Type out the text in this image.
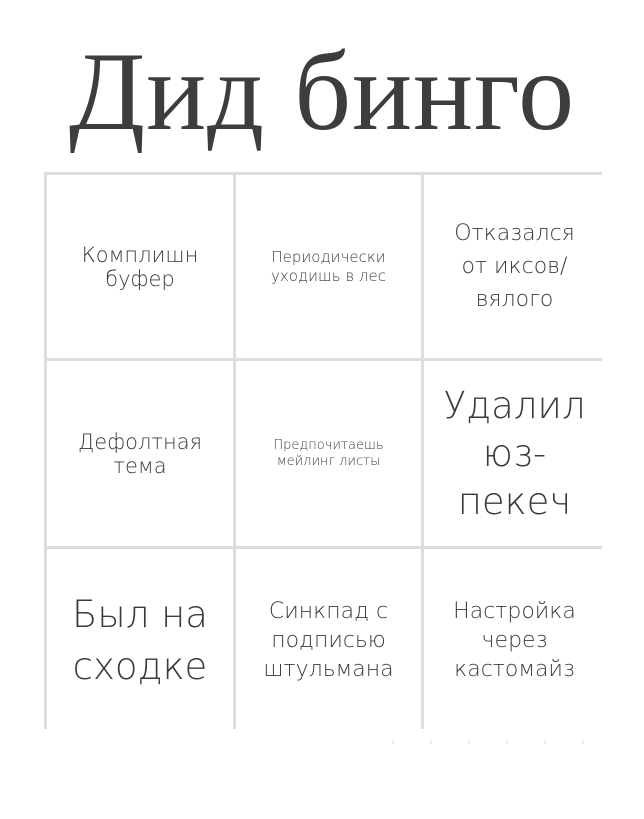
Дид бинго
Комплишн
буфер
Периодически
уходишь в лес
Отказался
от иксов/
вялого
Дефолтная
тема
Предпочитаешь
мейлинг листы
Удалил
юз-
пекеч
Был на
сходке
Синкпад с
подписью
штульмана
Настройка
через
кастомайз
